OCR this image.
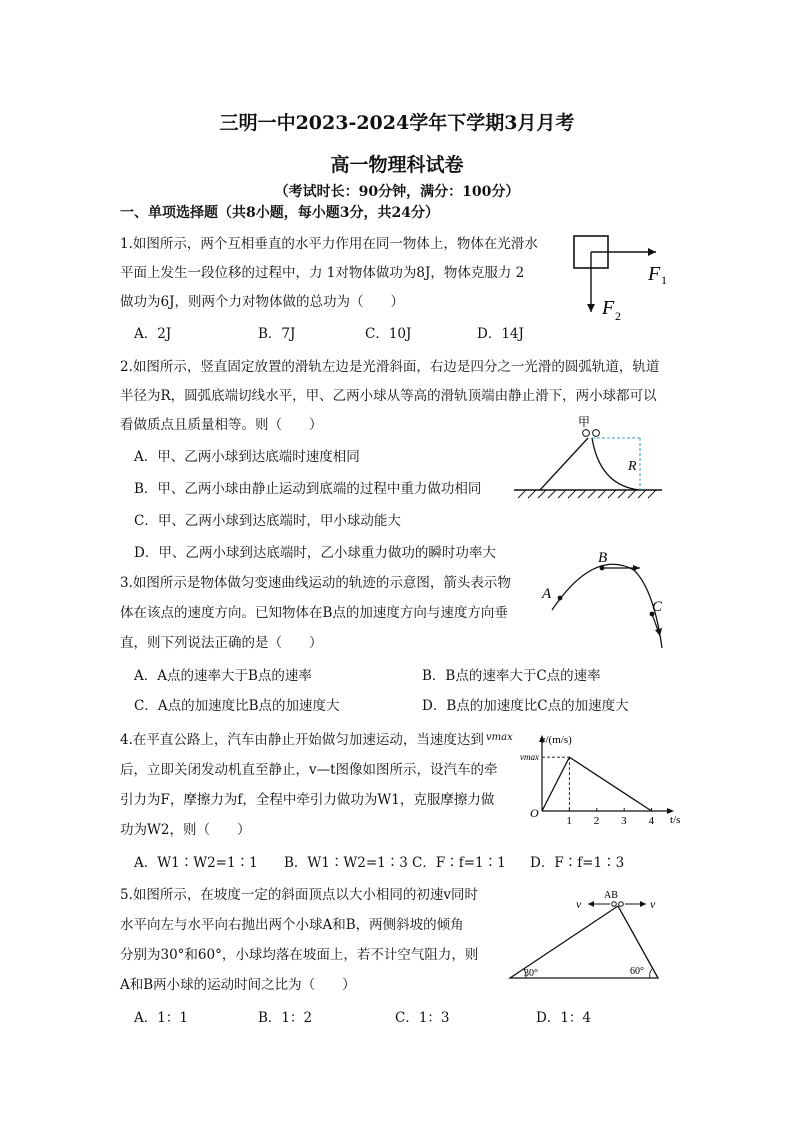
三明一中2023-2024学年下学期3月月考
高一物理科试卷
（考试时长：90分钟，满分：100分）
一、单项选择题（共8小题，每小题3分，共24分）
1.如图所示，两个互相垂直的水平力作用在同一物体上，物体在光滑水
平面上发生一段位移的过程中，力 1对物体做功为8J，物体克服力 2
做功为6J，则两个力对物体做的总功为（　　）
A．2J	B．7J	C．10J	D．14J
F 1
F 2
2.如图所示，竖直固定放置的滑轨左边是光滑斜面，右边是四分之一光滑的圆弧轨道，轨道
半径为R，圆弧底端切线水平，甲、乙两小球从等高的滑轨顶端由静止滑下，两小球都可以
看做质点且质量相等。则（　　）
A．甲、乙两小球到达底端时速度相同
B．甲、乙两小球由静止运动到底端的过程中重力做功相同
C．甲、乙两小球到达底端时，甲小球动能大
D．甲、乙两小球到达底端时，乙小球重力做功的瞬时功率大
甲
R
3.如图所示是物体做匀变速曲线运动的轨迹的示意图，箭头表示物
体在该点的速度方向。已知物体在B点的加速度方向与速度方向垂
直，则下列说法正确的是（　　）
A．A点的速率大于B点的速率	B．B点的速率大于C点的速率
C．A点的加速度比B点的加速度大	D．B点的加速度比C点的加速度大
A
B
C
4.在平直公路上，汽车由静止开始做匀加速运动，当速度达到 vmax
后，立即关闭发动机直至静止，v—t图像如图所示，设汽车的牵
引力为F，摩擦力为f，全程中牵引力做功为W1，克服摩擦力做
功为W2，则（　　）
A．W1∶W2=1∶1 B．W1∶W2=1∶3 C．F∶f=1∶1 D．F∶f=1∶3
v/(m/s)
vmax
O	t/s
1 2 3 4
5.如图所示，在坡度一定的斜面顶点以大小相同的初速v同时
水平向左与水平向右抛出两个小球A和B，两侧斜坡的倾角
分别为30°和60°，小球均落在坡面上，若不计空气阻力，则
A和B两小球的运动时间之比为（　　）
A．1：1	B．1：2	C．1：3	D．1：4
v
AB
v
30°	60°
